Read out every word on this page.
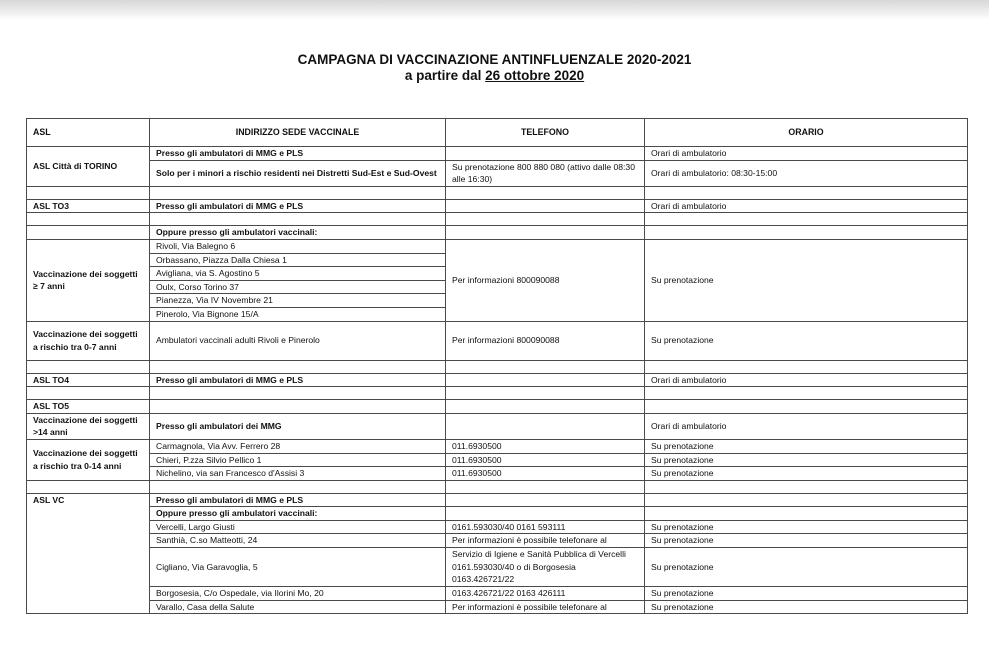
CAMPAGNA DI VACCINAZIONE ANTINFLUENZALE 2020-2021
a partire dal 26 ottobre 2020
ASL	INDIRIZZO SEDE VACCINALE	TELEFONO	ORARIO
ASL Città di TORINO	Presso gli ambulatori di MMG e PLS		Orari di ambulatorio
	Solo per i minori a rischio residenti nei Distretti Sud-Est e Sud-Ovest	Su prenotazione 800 880 080 (attivo dalle 08:30 alle 16:30)	Orari di ambulatorio: 08:30-15:00

ASL TO3	Presso gli ambulatori di MMG e PLS		Orari di ambulatorio

	Oppure presso gli ambulatori vaccinali:		
Vaccinazione dei soggetti ≥ 7 anni	Rivoli, Via Balegno 6	Per informazioni 800090088	Su prenotazione
	Orbassano, Piazza Dalla Chiesa 1		
	Avigliana, via S. Agostino 5		
	Oulx, Corso Torino 37		
	Pianezza, Via IV Novembre 21		
	Pinerolo, Via Bignone 15/A		
Vaccinazione dei soggetti a rischio tra 0-7 anni	Ambulatori vaccinali adulti Rivoli e Pinerolo	Per informazioni 800090088	Su prenotazione

ASL TO4	Presso gli ambulatori di MMG e PLS		Orari di ambulatorio

ASL TO5			
Vaccinazione dei soggetti >14 anni	Presso gli ambulatori dei MMG		Orari di ambulatorio
Vaccinazione dei soggetti a rischio tra 0-14 anni	Carmagnola, Via Avv. Ferrero 28	011.6930500	Su prenotazione
	Chieri, P.zza Silvio Pellico 1	011.6930500	Su prenotazione
	Nichelino, via san Francesco d'Assisi 3	011.6930500	Su prenotazione

ASL VC	Presso gli ambulatori di MMG e PLS		
	Oppure presso gli ambulatori vaccinali:		
	Vercelli, Largo Giusti	0161.593030/40 0161 593111	Su prenotazione
	Santhià, C.so Matteotti, 24	Per informazioni è possibile telefonare al	Su prenotazione
	Cigliano, Via Garavoglia, 5	Servizio di Igiene e Sanità Pubblica di Vercelli 0161.593030/40 o di Borgosesia 0163.426721/22	Su prenotazione
	Borgosesia, C/o Ospedale, via Ilorini Mo, 20	0163.426721/22 0163 426111	Su prenotazione
	Varallo, Casa della Salute	Per informazioni è possibile telefonare al	Su prenotazione
